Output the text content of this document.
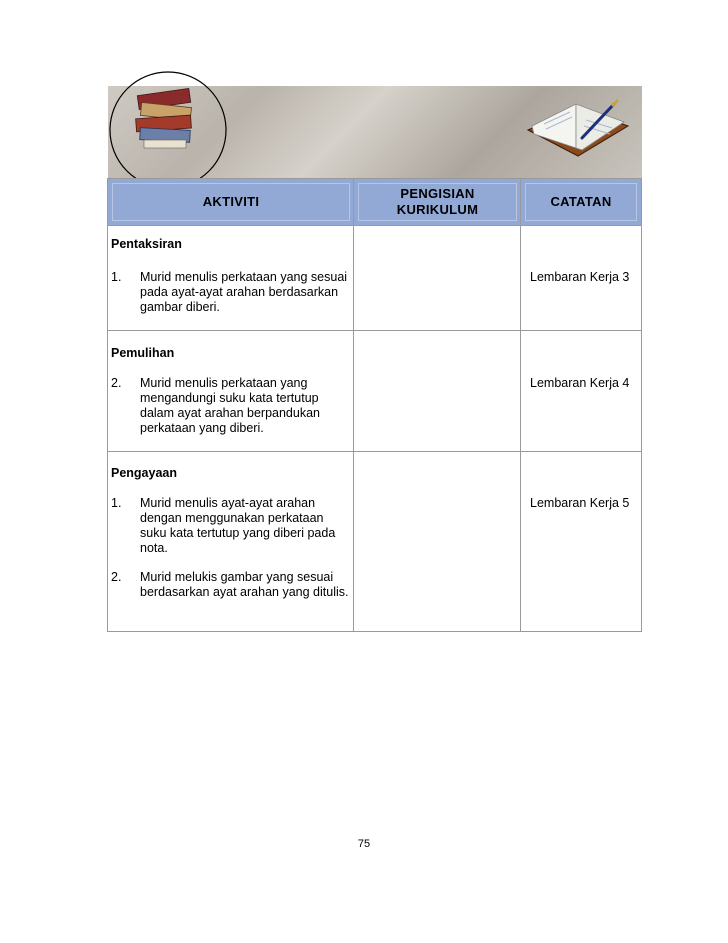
AKTIVITI
PENGISIAN
KURIKULUM
CATATAN
Pentaksiran
1. Murid menulis perkataan yang sesuai pada ayat-ayat arahan berdasarkan gambar diberi.
Lembaran Kerja 3
Pemulihan
2. Murid menulis perkataan yang mengandungi suku kata tertutup dalam ayat arahan berpandukan perkataan yang diberi.
Lembaran Kerja 4
Pengayaan
1. Murid menulis ayat-ayat arahan dengan menggunakan perkataan suku kata tertutup yang diberi pada nota.
2. Murid melukis gambar yang sesuai berdasarkan ayat arahan yang ditulis.
Lembaran Kerja 5
75
